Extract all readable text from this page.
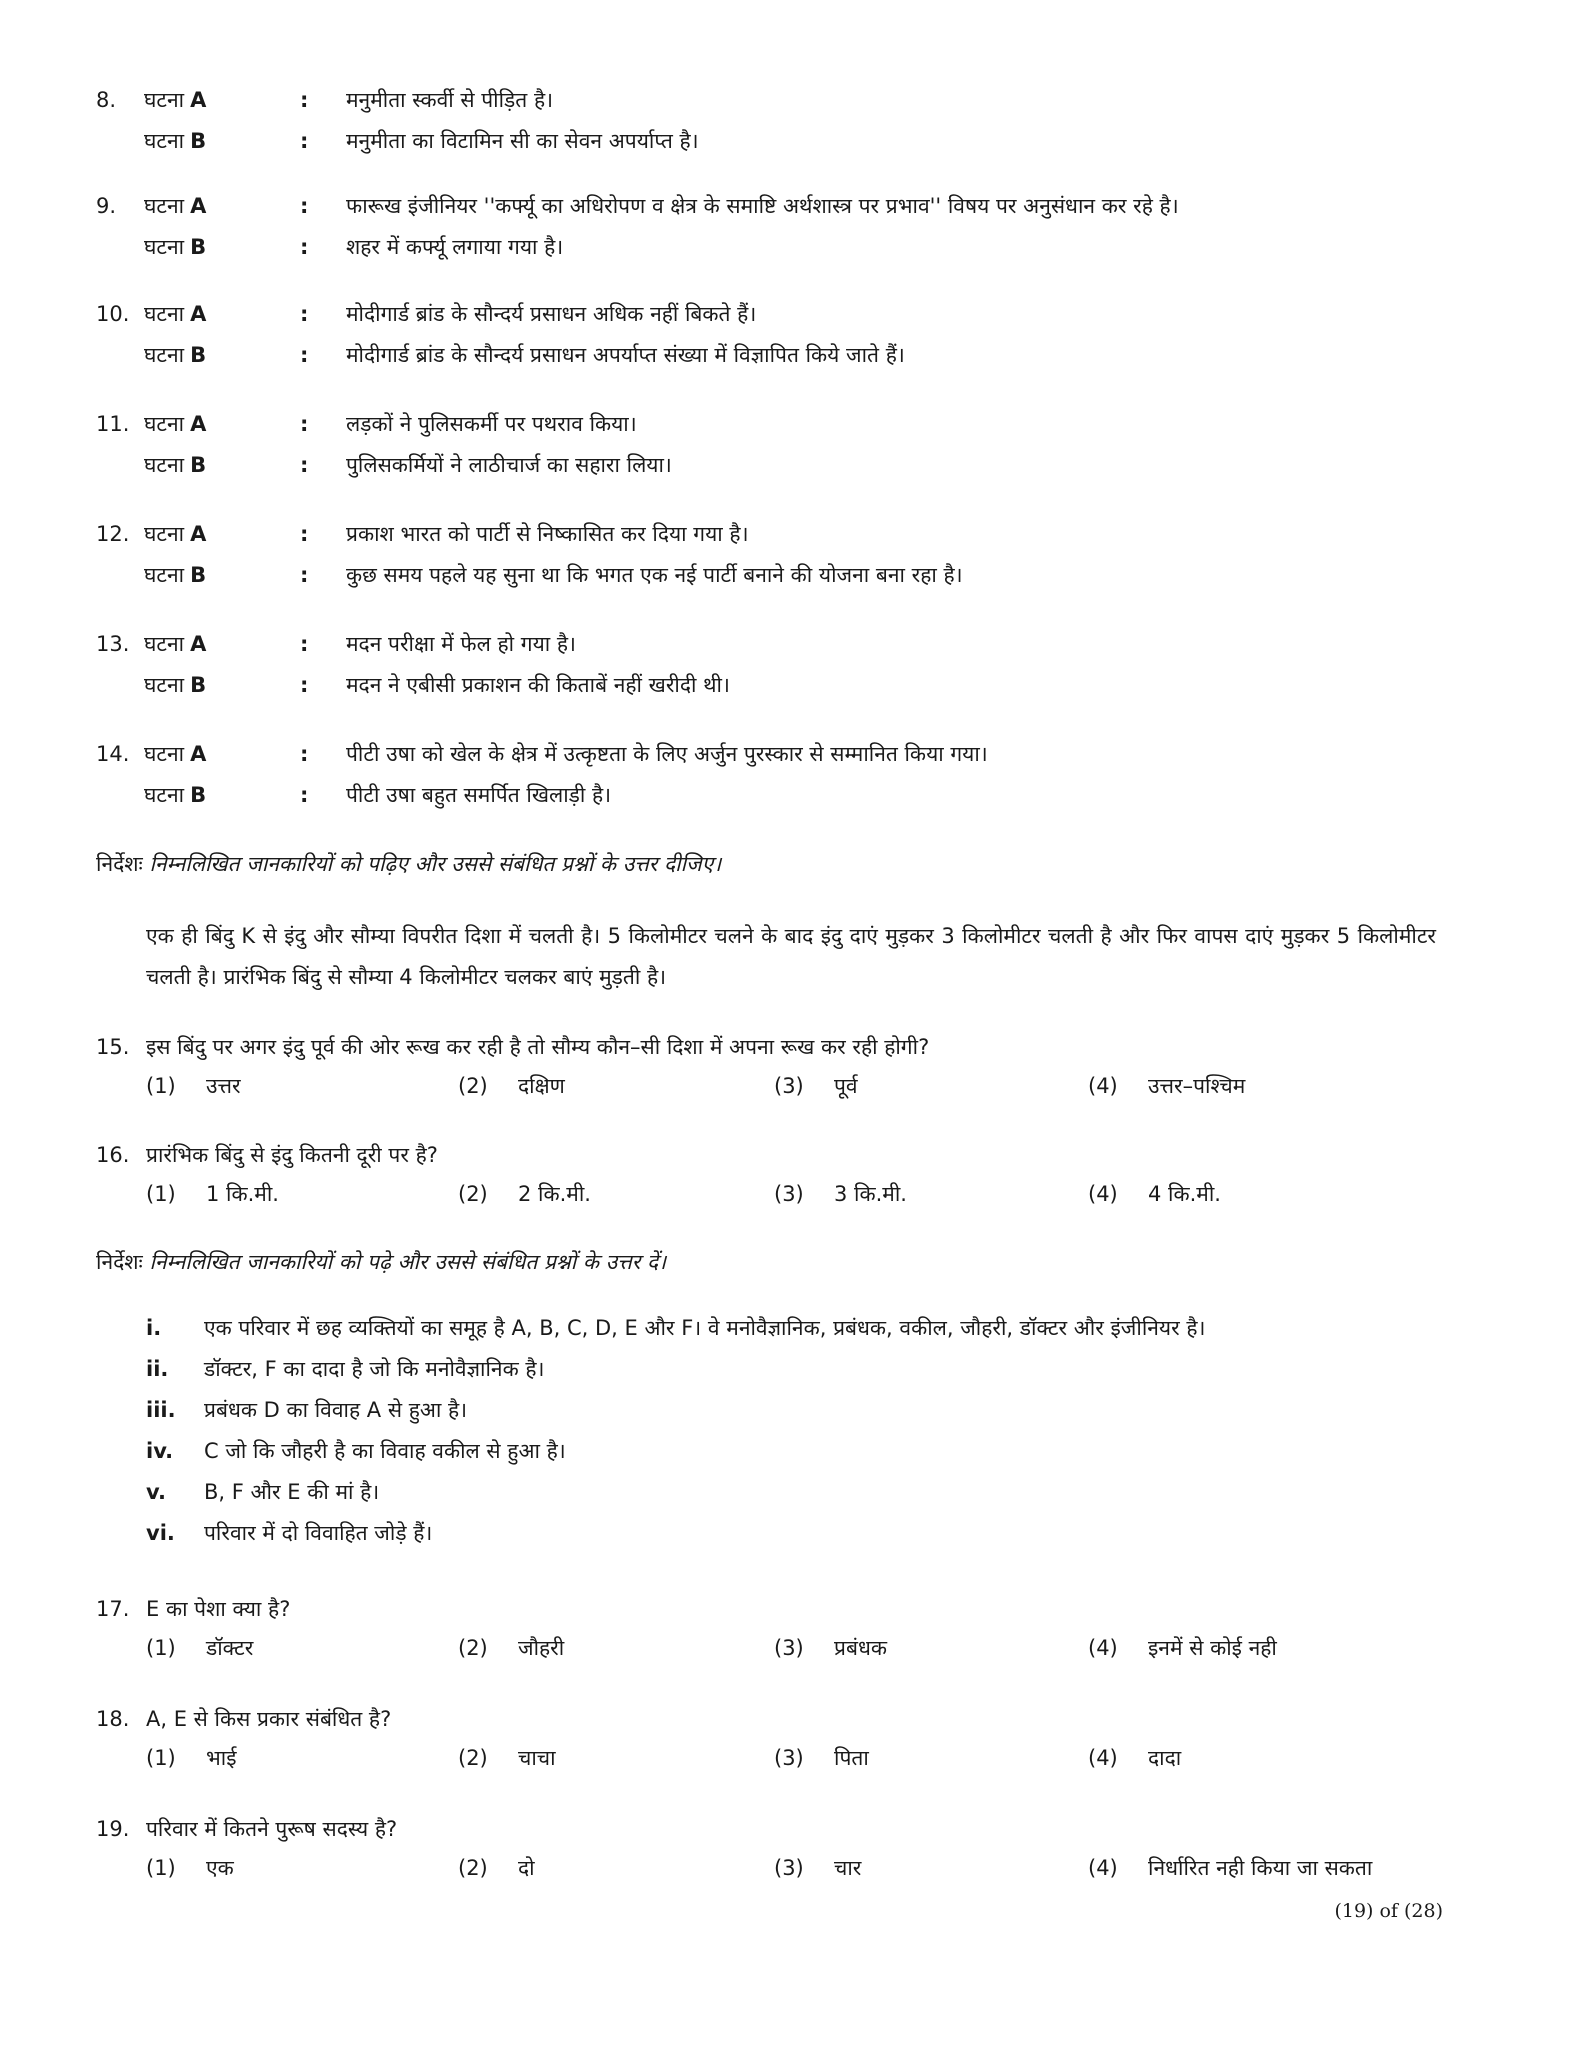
8. घटना A	: मनुमीता स्कर्वी से पीड़ित है।
घटना B	: मनुमीता का विटामिन सी का सेवन अपर्याप्त है।
9. घटना A	: फारूख इंजीनियर ''कर्फ्यू का अधिरोपण व क्षेत्र के समाष्टि अर्थशास्त्र पर प्रभाव'' विषय पर अनुसंधान कर रहे है।
घटना B	: शहर में कर्फ्यू लगाया गया है।
10. घटना A	: मोदीगार्ड ब्रांड के सौन्दर्य प्रसाधन अधिक नहीं बिकते हैं।
घटना B	: मोदीगार्ड ब्रांड के सौन्दर्य प्रसाधन अपर्याप्त संख्या में विज्ञापित किये जाते हैं।
11. घटना A	: लड़कों ने पुलिसकर्मी पर पथराव किया।
घटना B	: पुलिसकर्मियों ने लाठीचार्ज का सहारा लिया।
12. घटना A	: प्रकाश भारत को पार्टी से निष्कासित कर दिया गया है।
घटना B	: कुछ समय पहले यह सुना था कि भगत एक नई पार्टी बनाने की योजना बना रहा है।
13. घटना A	: मदन परीक्षा में फेल हो गया है।
घटना B	: मदन ने एबीसी प्रकाशन की किताबें नहीं खरीदी थी।
14. घटना A	: पीटी उषा को खेल के क्षेत्र में उत्कृष्टता के लिए अर्जुन पुरस्कार से सम्मानित किया गया।
घटना B	: पीटी उषा बहुत समर्पित खिलाड़ी है।
निर्देशः निम्नलिखित जानकारियों को पढ़िए और उससे संबंधित प्रश्नों के उत्तर दीजिए।
एक ही बिंदु K से इंदु और सौम्या विपरीत दिशा में चलती है। 5 किलोमीटर चलने के बाद इंदु दाएं मुड़कर 3 किलोमीटर चलती है और फिर वापस दाएं मुड़कर 5 किलोमीटर चलती है। प्रारंभिक बिंदु से सौम्या 4 किलोमीटर चलकर बाएं मुड़ती है।
15. इस बिंदु पर अगर इंदु पूर्व की ओर रूख कर रही है तो सौम्य कौन–सी दिशा में अपना रूख कर रही होगी?
(1) उत्तर	(2) दक्षिण	(3) पूर्व	(4) उत्तर–पश्चिम
16. प्रारंभिक बिंदु से इंदु कितनी दूरी पर है?
(1) 1 कि.मी.	(2) 2 कि.मी.	(3) 3 कि.मी.	(4) 4 कि.मी.
निर्देशः निम्नलिखित जानकारियों को पढ़े और उससे संबंधित प्रश्नों के उत्तर दें।
i. एक परिवार में छह व्यक्तियों का समूह है A, B, C, D, E और F। वे मनोवैज्ञानिक, प्रबंधक, वकील, जौहरी, डॉक्टर और इंजीनियर है।
ii. डॉक्टर, F का दादा है जो कि मनोवैज्ञानिक है।
iii. प्रबंधक D का विवाह A से हुआ है।
iv. C जो कि जौहरी है का विवाह वकील से हुआ है।
v. B, F और E की मां है।
vi. परिवार में दो विवाहित जोड़े हैं।
17. E का पेशा क्या है?
(1) डॉक्टर	(2) जौहरी	(3) प्रबंधक	(4) इनमें से कोई नही
18. A, E से किस प्रकार संबंधित है?
(1) भाई	(2) चाचा	(3) पिता	(4) दादा
19. परिवार में कितने पुरूष सदस्य है?
(1) एक	(2) दो	(3) चार	(4) निर्धारित नही किया जा सकता
(19) of (28)
